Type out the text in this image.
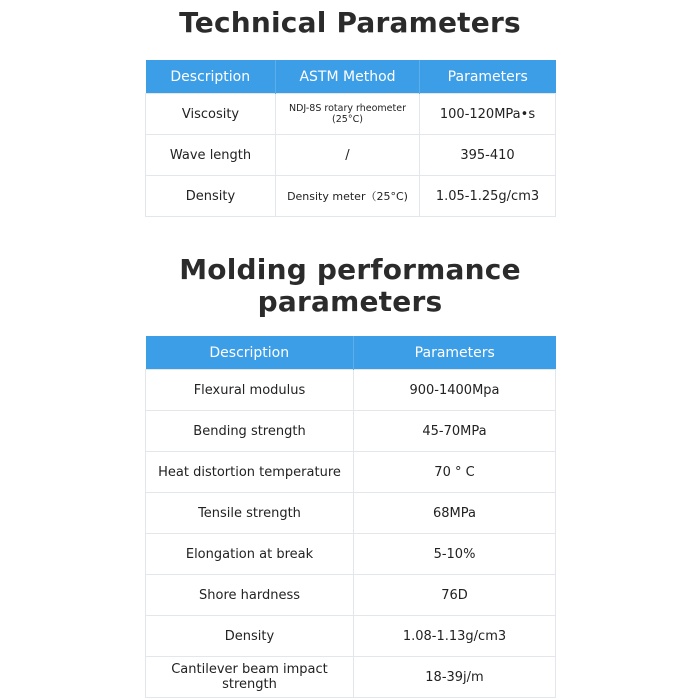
Technical Parameters
Description	ASTM Method	Parameters
Viscosity	NDJ-8S rotary rheometer (25°C)	100-120MPa•s
Wave length	/	395-410
Density	Density meter（25°C)	1.05-1.25g/cm3
Molding performance
parameters
Description	Parameters
Flexural modulus	900-1400Mpa
Bending strength	45-70MPa
Heat distortion temperature	70 ° C
Tensile strength	68MPa
Elongation at break	5-10%
Shore hardness	76D
Density	1.08-1.13g/cm3
Cantilever beam impact strength	18-39j/m
